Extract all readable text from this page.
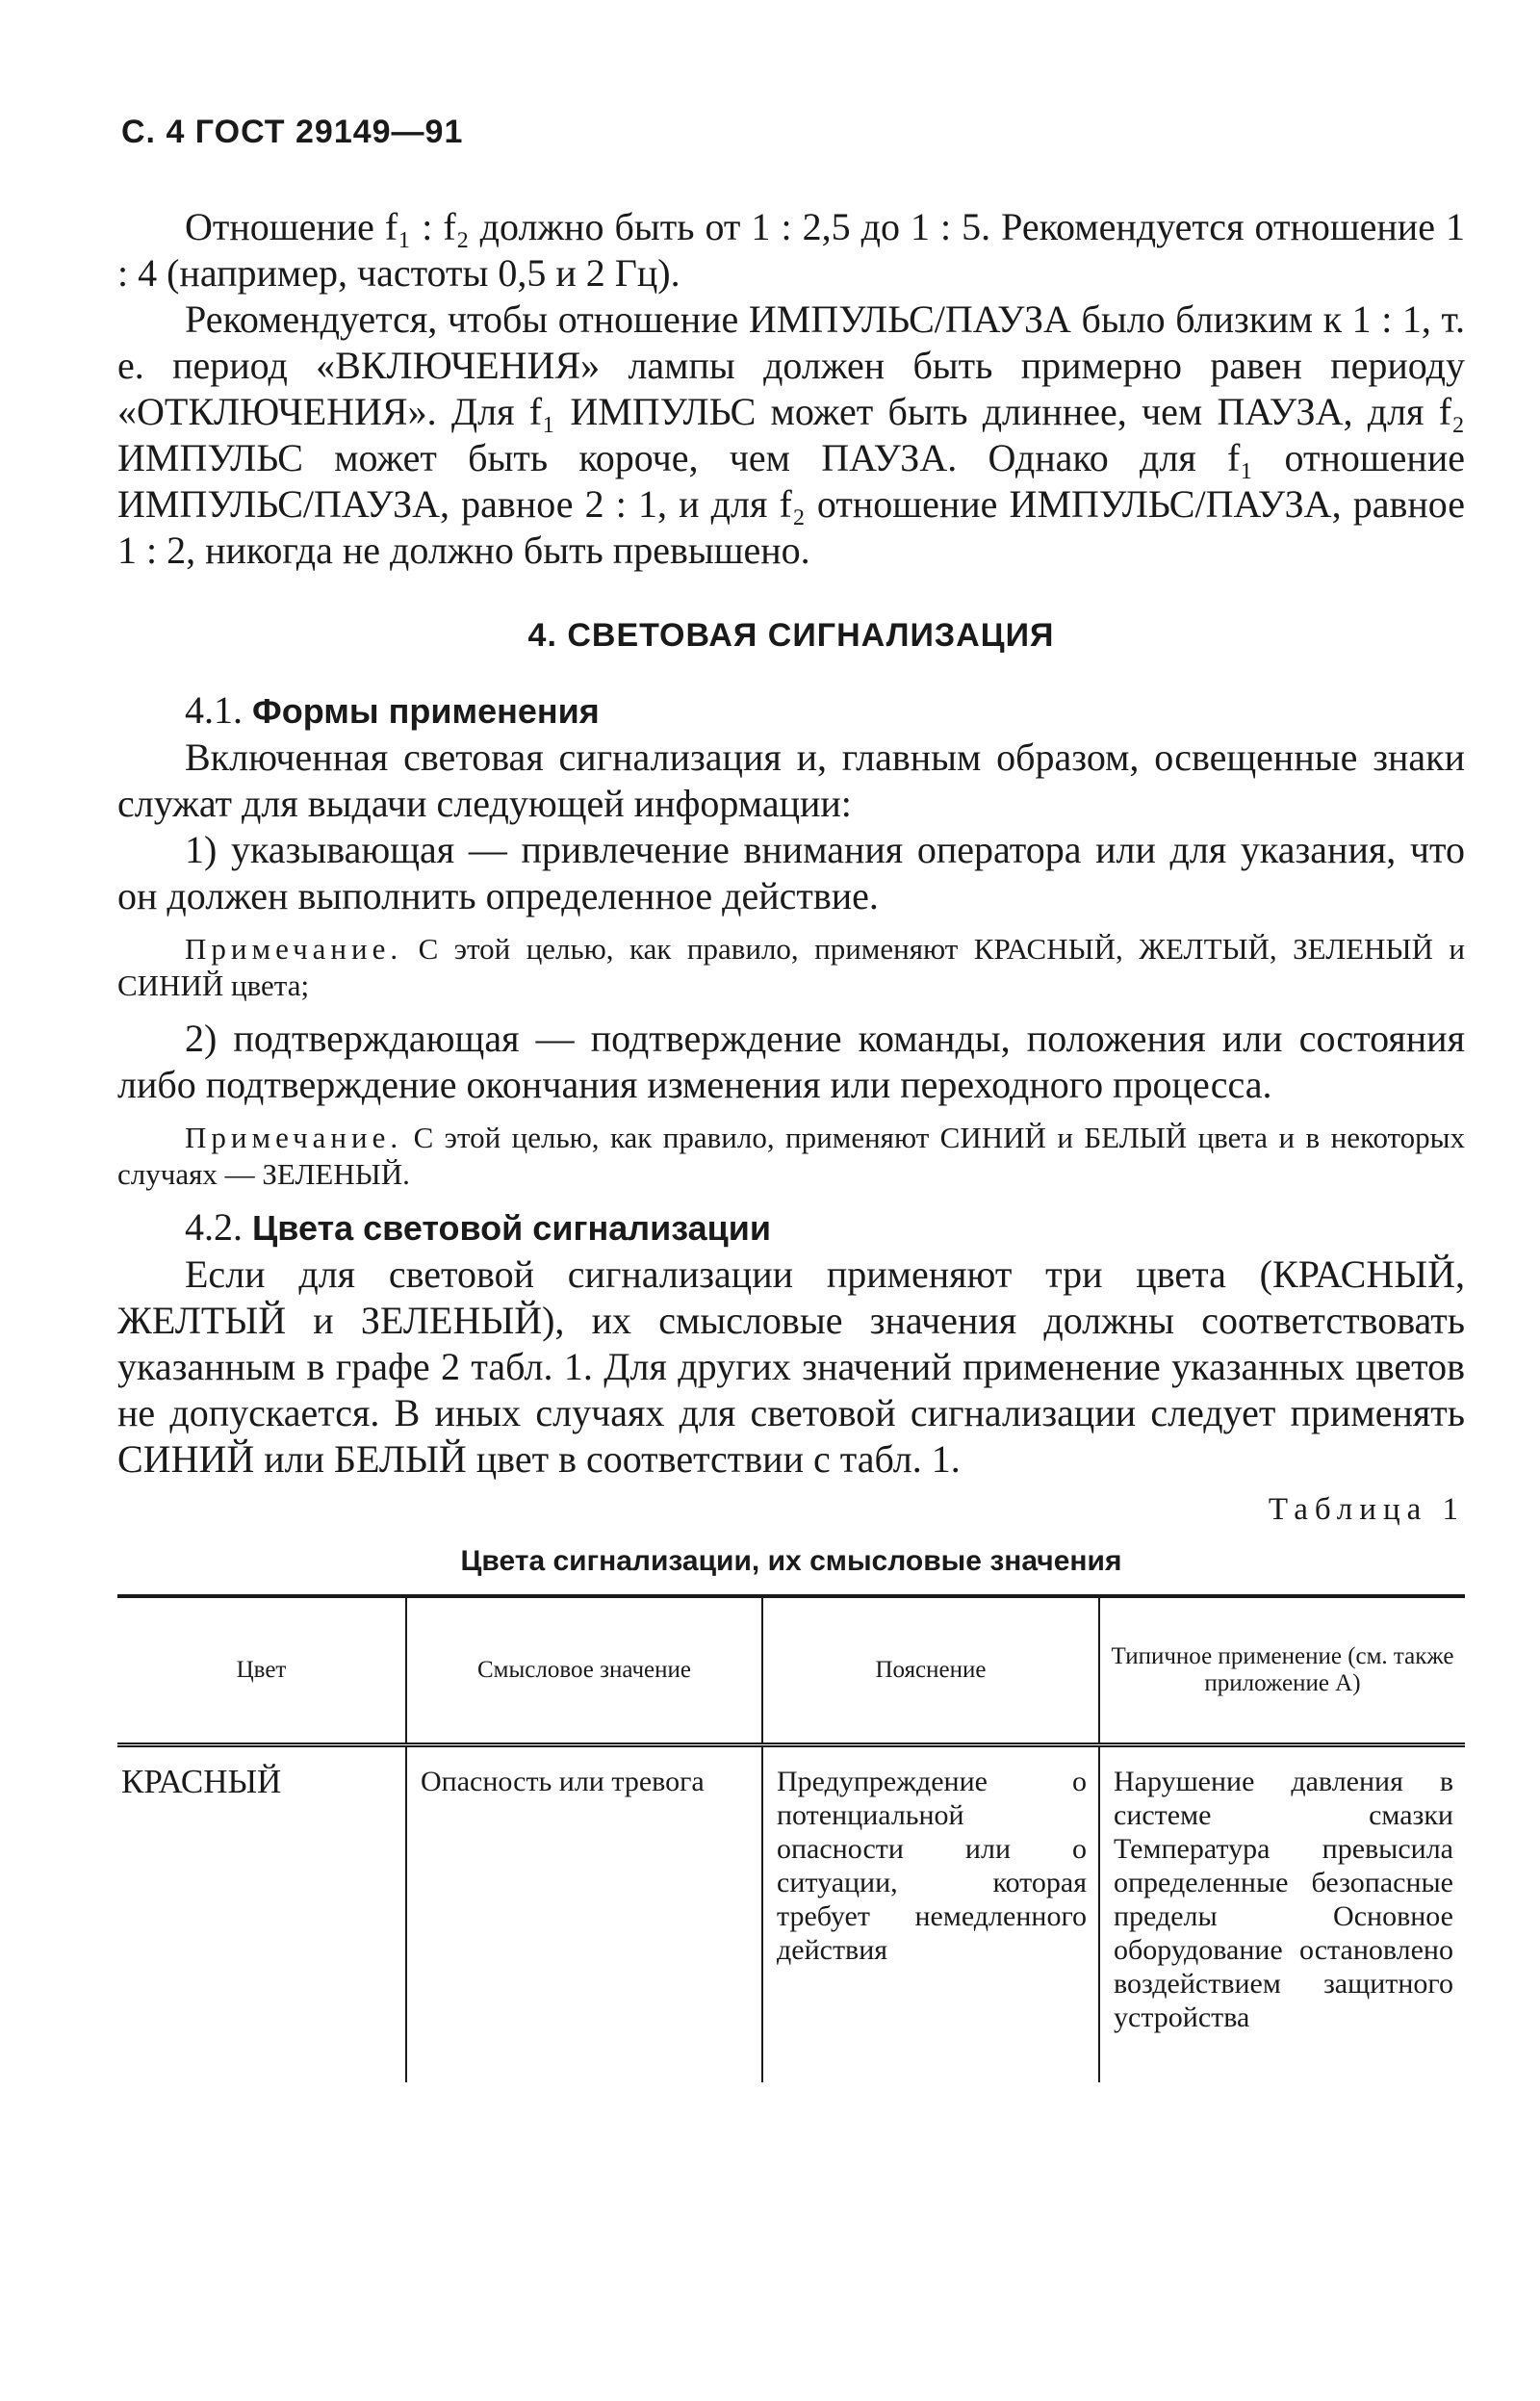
С. 4 ГОСТ 29149—91

Отношение f₁ : f₂ должно быть от 1 : 2,5 до 1 : 5. Рекомендуется отношение 1 : 4 (например, частоты 0,5 и 2 Гц).

Рекомендуется, чтобы отношение ИМПУЛЬС/ПАУЗА было близким к 1 : 1, т. е. период «ВКЛЮЧЕНИЯ» лампы должен быть примерно равен периоду «ОТКЛЮЧЕНИЯ». Для f₁ ИМПУЛЬС может быть длиннее, чем ПАУЗА, для f₂ ИМПУЛЬС может быть короче, чем ПАУЗА. Однако для f₁ отношение ИМПУЛЬС/ПАУЗА, равное 2 : 1, и для f₂ отношение ИМПУЛЬС/ПАУЗА, равное 1 : 2, никогда не должно быть превышено.

4. СВЕТОВАЯ СИГНАЛИЗАЦИЯ

4.1. Формы применения

Включенная световая сигнализация и, главным образом, освещенные знаки служат для выдачи следующей информации:

1) указывающая — привлечение внимания оператора или для указания, что он должен выполнить определенное действие.

Примечание. С этой целью, как правило, применяют КРАСНЫЙ, ЖЕЛТЫЙ, ЗЕЛЕНЫЙ и СИНИЙ цвета;

2) подтверждающая — подтверждение команды, положения или состояния либо подтверждение окончания изменения или переходного процесса.

Примечание. С этой целью, как правило, применяют СИНИЙ и БЕЛЫЙ цвета и в некоторых случаях — ЗЕЛЕНЫЙ.

4.2. Цвета световой сигнализации

Если для световой сигнализации применяют три цвета (КРАСНЫЙ, ЖЕЛТЫЙ и ЗЕЛЕНЫЙ), их смысловые значения должны соответствовать указанным в графе 2 табл. 1. Для других значений применение указанных цветов не допускается. В иных случаях для световой сигнализации следует применять СИНИЙ или БЕЛЫЙ цвет в соответствии с табл. 1.

Таблица 1
Цвета сигнализации, их смысловые значения
Цвет	Смысловое значение	Пояснение	Типичное применение (см. также приложение А)
КРАСНЫЙ	Опасность или тревога	Предупреждение о потенциальной опасности или о ситуации, которая требует немедленного действия	Нарушение давления в системе смазки Температура превысила определенные безопасные пределы Основное оборудование остановлено воздействием защитного устройства
